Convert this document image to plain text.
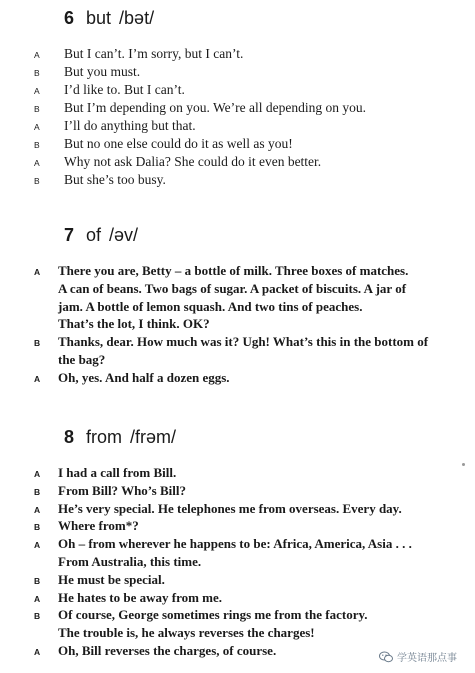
6 but /bət/
A But I can’t. I’m sorry, but I can’t.
B But you must.
A I’d like to. But I can’t.
B But I’m depending on you. We’re all depending on you.
A I’ll do anything but that.
B But no one else could do it as well as you!
A Why not ask Dalia? She could do it even better.
B But she’s too busy.
7 of /əv/
A There you are, Betty – a bottle of milk. Three boxes of matches.
A can of beans. Two bags of sugar. A packet of biscuits. A jar of
jam. A bottle of lemon squash. And two tins of peaches.
That’s the lot, I think. OK?
B Thanks, dear. How much was it? Ugh! What’s this in the bottom of
the bag?
A Oh, yes. And half a dozen eggs.
8 from /frəm/
A I had a call from Bill.
B From Bill? Who’s Bill?
A He’s very special. He telephones me from overseas. Every day.
B Where from*?
A Oh – from wherever he happens to be: Africa, America, Asia . . .
From Australia, this time.
B He must be special.
A He hates to be away from me.
B Of course, George sometimes rings me from the factory.
The trouble is, he always reverses the charges!
A Oh, Bill reverses the charges, of course.
学英语那点事
